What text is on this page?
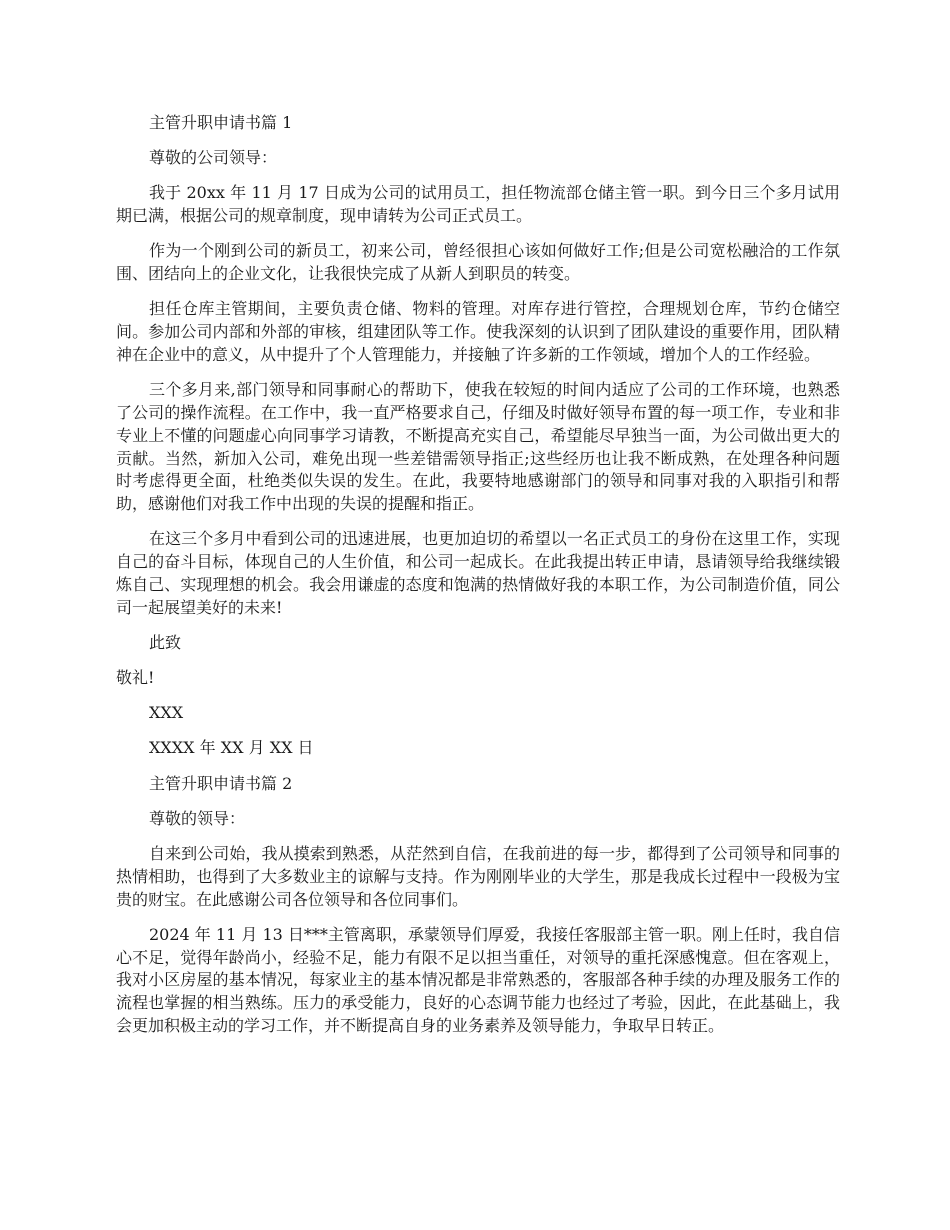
主管升职申请书篇 1

尊敬的公司领导：

我于 20xx 年 11 月 17 日成为公司的试用员工，担任物流部仓储主管一职。到今日三个多月试用期已满，根据公司的规章制度，现申请转为公司正式员工。

作为一个刚到公司的新员工，初来公司，曾经很担心该如何做好工作;但是公司宽松融洽的工作氛围、团结向上的企业文化，让我很快完成了从新人到职员的转变。

担任仓库主管期间，主要负责仓储、物料的管理。对库存进行管控，合理规划仓库，节约仓储空间。参加公司内部和外部的审核，组建团队等工作。使我深刻的认识到了团队建设的重要作用，团队精神在企业中的意义，从中提升了个人管理能力，并接触了许多新的工作领域，增加个人的工作经验。

三个多月来,部门领导和同事耐心的帮助下，使我在较短的时间内适应了公司的工作环境，也熟悉了公司的操作流程。在工作中，我一直严格要求自己，仔细及时做好领导布置的每一项工作，专业和非专业上不懂的问题虚心向同事学习请教，不断提高充实自己，希望能尽早独当一面，为公司做出更大的贡献。当然，新加入公司，难免出现一些差错需领导指正;这些经历也让我不断成熟，在处理各种问题时考虑得更全面，杜绝类似失误的发生。在此，我要特地感谢部门的领导和同事对我的入职指引和帮助，感谢他们对我工作中出现的失误的提醒和指正。

在这三个多月中看到公司的迅速进展，也更加迫切的希望以一名正式员工的身份在这里工作，实现自己的奋斗目标，体现自己的人生价值，和公司一起成长。在此我提出转正申请，恳请领导给我继续锻炼自己、实现理想的机会。我会用谦虚的态度和饱满的热情做好我的本职工作，为公司制造价值，同公司一起展望美好的未来!

此致

敬礼!

XXX

XXXX 年 XX 月 XX 日

主管升职申请书篇 2

尊敬的领导：

自来到公司始，我从摸索到熟悉，从茫然到自信，在我前进的每一步，都得到了公司领导和同事的热情相助，也得到了大多数业主的谅解与支持。作为刚刚毕业的大学生，那是我成长过程中一段极为宝贵的财宝。在此感谢公司各位领导和各位同事们。

2024 年 11 月 13 日***主管离职，承蒙领导们厚爱，我接任客服部主管一职。刚上任时，我自信心不足，觉得年龄尚小，经验不足，能力有限不足以担当重任，对领导的重托深感愧意。但在客观上，我对小区房屋的基本情况，每家业主的基本情况都是非常熟悉的，客服部各种手续的办理及服务工作的流程也掌握的相当熟练。压力的承受能力，良好的心态调节能力也经过了考验，因此，在此基础上，我会更加积极主动的学习工作，并不断提高自身的业务素养及领导能力，争取早日转正。
